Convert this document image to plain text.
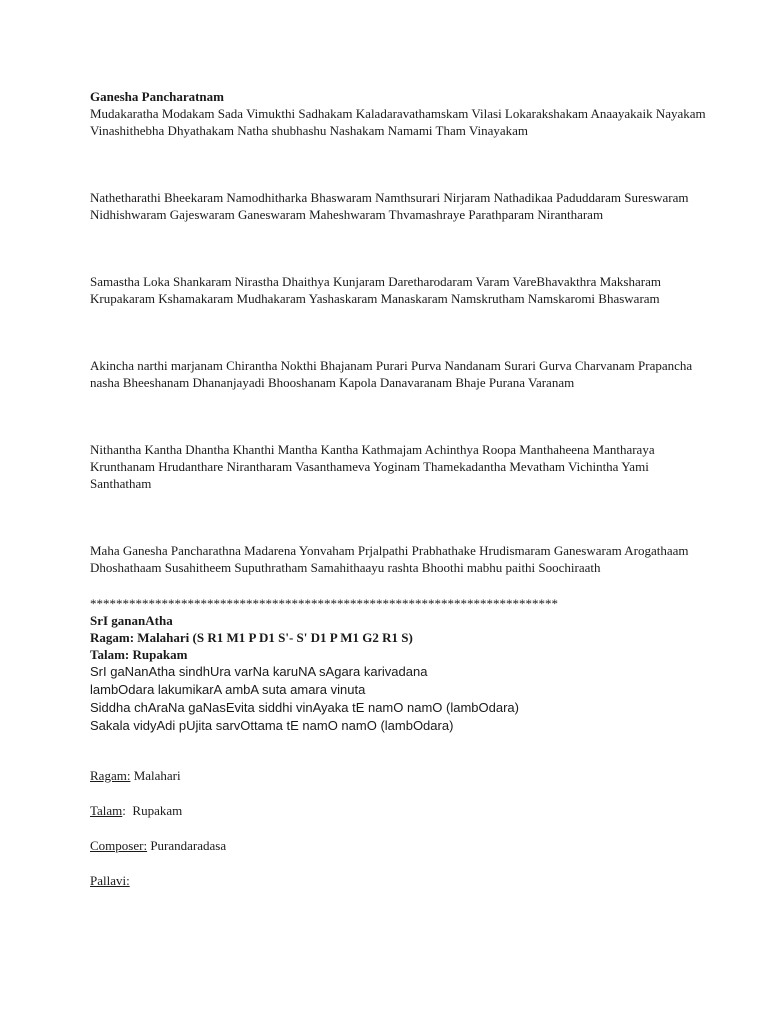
Ganesha Pancharatnam

Mudakaratha Modakam Sada Vimukthi Sadhakam Kaladaravathamskam Vilasi Lokarakshakam Anaayakaik Nayakam Vinashithebha Dhyathakam Natha shubhashu Nashakam Namami Tham Vinayakam

Nathetharathi Bheekaram Namodhitharka Bhaswaram Namthsurari Nirjaram Nathadikaa Paduddaram Sureswaram Nidhishwaram Gajeswaram Ganeswaram Maheshwaram Thvamashraye Parathparam Nirantharam

Samastha Loka Shankaram Nirastha Dhaithya Kunjaram Daretharodaram Varam VareBhavakthra Maksharam Krupakaram Kshamakaram Mudhakaram Yashaskaram Manaskaram Namskrutham Namskaromi Bhaswaram

Akincha narthi marjanam Chirantha Nokthi Bhajanam Purari Purva Nandanam Surari Gurva Charvanam Prapancha nasha Bheeshanam Dhananjayadi Bhooshanam Kapola Danavaranam Bhaje Purana Varanam

Nithantha Kantha Dhantha Khanthi Mantha Kantha Kathmajam Achinthya Roopa Manthaheena Mantharaya Krunthanam Hrudanthare Nirantharam Vasanthameva Yoginam Thamekadantha Mevatham Vichintha Yami Santhatham

Maha Ganesha Pancharathna Madarena Yonvaham Prjalpathi Prabhathake Hrudismaram Ganeswaram Arogathaam Dhoshathaam Susahitheem Suputhratham Samahithaayu rashta Bhoothi mabhu paithi Soochiraath

************************************************************************

SrI gananAtha

Ragam: Malahari (S R1 M1 P D1 S'- S' D1 P M1 G2 R1 S)

Talam: Rupakam

SrI gaNanAtha sindhUra varNa karuNA sAgara karivadana

lambOdara lakumikarA ambA suta amara vinuta

Siddha chAraNa gaNasEvita siddhi vinAyaka tE namO namO (lambOdara)

Sakala vidyAdi pUjita sarvOttama tE namO namO (lambOdara)

Ragam: Malahari

Talam:  Rupakam

Composer: Purandaradasa

Pallavi:
